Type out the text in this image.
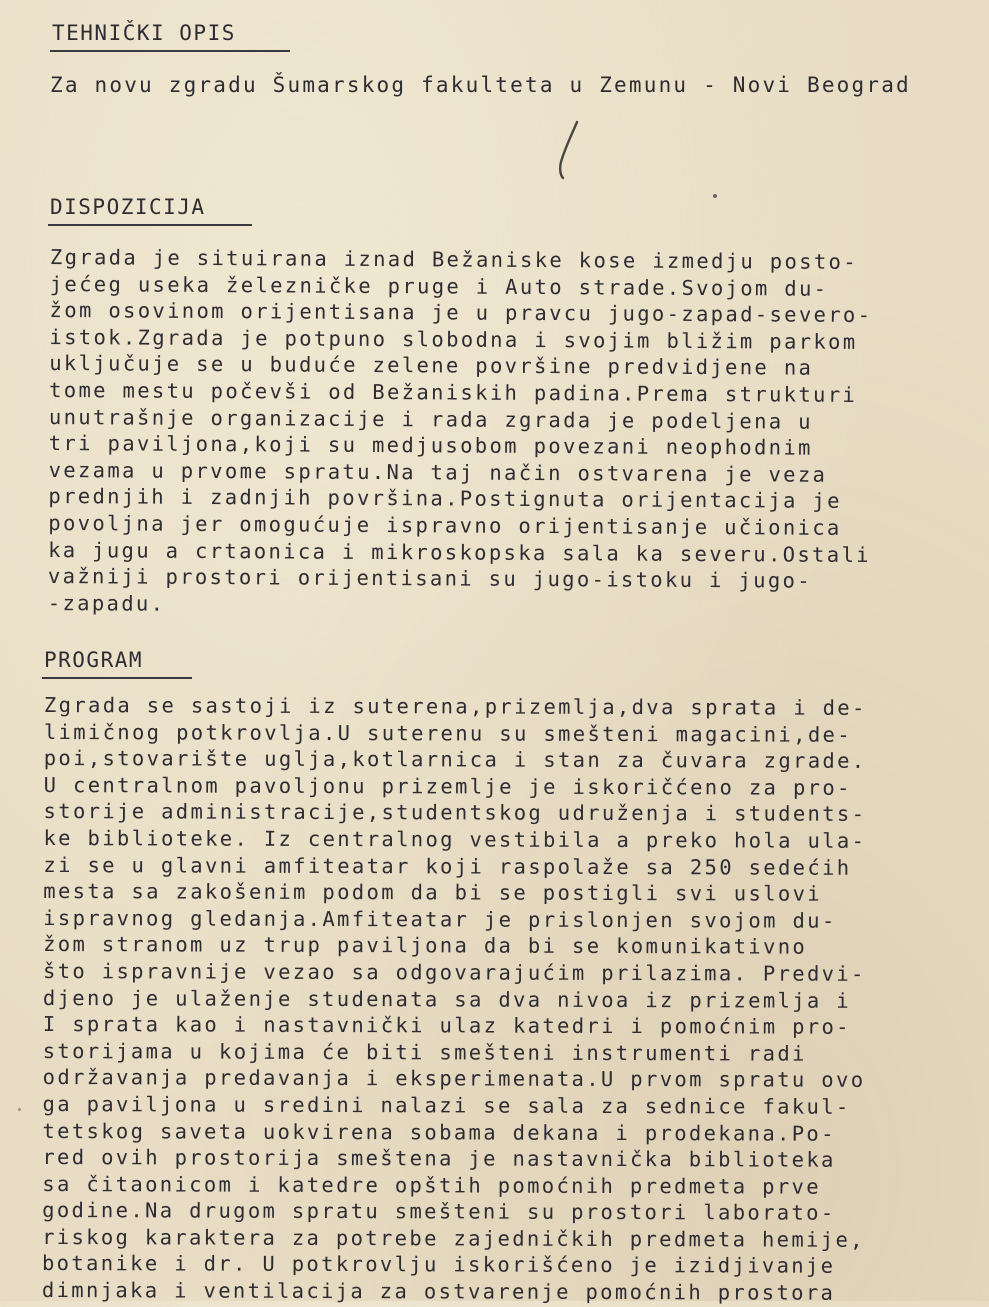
TEHNIČKI OPIS

Za novu zgradu Šumarskog fakulteta u Zemunu - Novi Beograd

DISPOZICIJA
Zgrada je situirana iznad Bežaniske kose izmedju posto-
jećeg useka železničke pruge i Auto strade.Svojom du-
žom osovinom orijentisana je u pravcu jugo-zapad-severo-
istok.Zgrada je potpuno slobodna i svojim bližim parkom
uključuje se u buduće zelene površine predvidjene na
tome mestu počevši od Bežaniskih padina.Prema strukturi
unutrašnje organizacije i rada zgrada je podeljena u
tri paviljona,koji su medjusobom povezani neophodnim
vezama u prvome spratu.Na taj način ostvarena je veza
prednjih i zadnjih površina.Postignuta orijentacija je
povoljna jer omogućuje ispravno orijentisanje učionica
ka jugu a crtaonica i mikroskopska sala ka severu.Ostali
važniji prostori orijentisani su jugo-istoku i jugo-
-zapadu.
PROGRAM
Zgrada se sastoji iz suterena,prizemlja,dva sprata i de-
limičnog potkrovlja.U suterenu su smešteni magacini,de-
poi,stovarište uglja,kotlarnica i stan za čuvara zgrade.
U centralnom pavoljonu prizemlje je iskoričćeno za pro-
storije administracije,studentskog udruženja i students-
ke biblioteke. Iz centralnog vestibila a preko hola ula-
zi se u glavni amfiteatar koji raspolaže sa 250 sedećih
mesta sa zakošenim podom da bi se postigli svi uslovi
ispravnog gledanja.Amfiteatar je prislonjen svojom du-
žom stranom uz trup paviljona da bi se komunikativno
što ispravnije vezao sa odgovarajućim prilazima. Predvi-
djeno je ulaženje studenata sa dva nivoa iz prizemlja i
I sprata kao i nastavnički ulaz katedri i pomoćnim pro-
storijama u kojima će biti smešteni instrumenti radi
održavanja predavanja i eksperimenata.U prvom spratu ovo
ga paviljona u sredini nalazi se sala za sednice fakul-
tetskog saveta uokvirena sobama dekana i prodekana.Po-
red ovih prostorija smeštena je nastavnička biblioteka
sa čitaonicom i katedre opštih pomoćnih predmeta prve
godine.Na drugom spratu smešteni su prostori laborato-
riskog karaktera za potrebe zajedničkih predmeta hemije,
botanike i dr. U potkrovlju iskorišćeno je izidjivanje
dimnjaka i ventilacija za ostvarenje pomoćnih prostora
